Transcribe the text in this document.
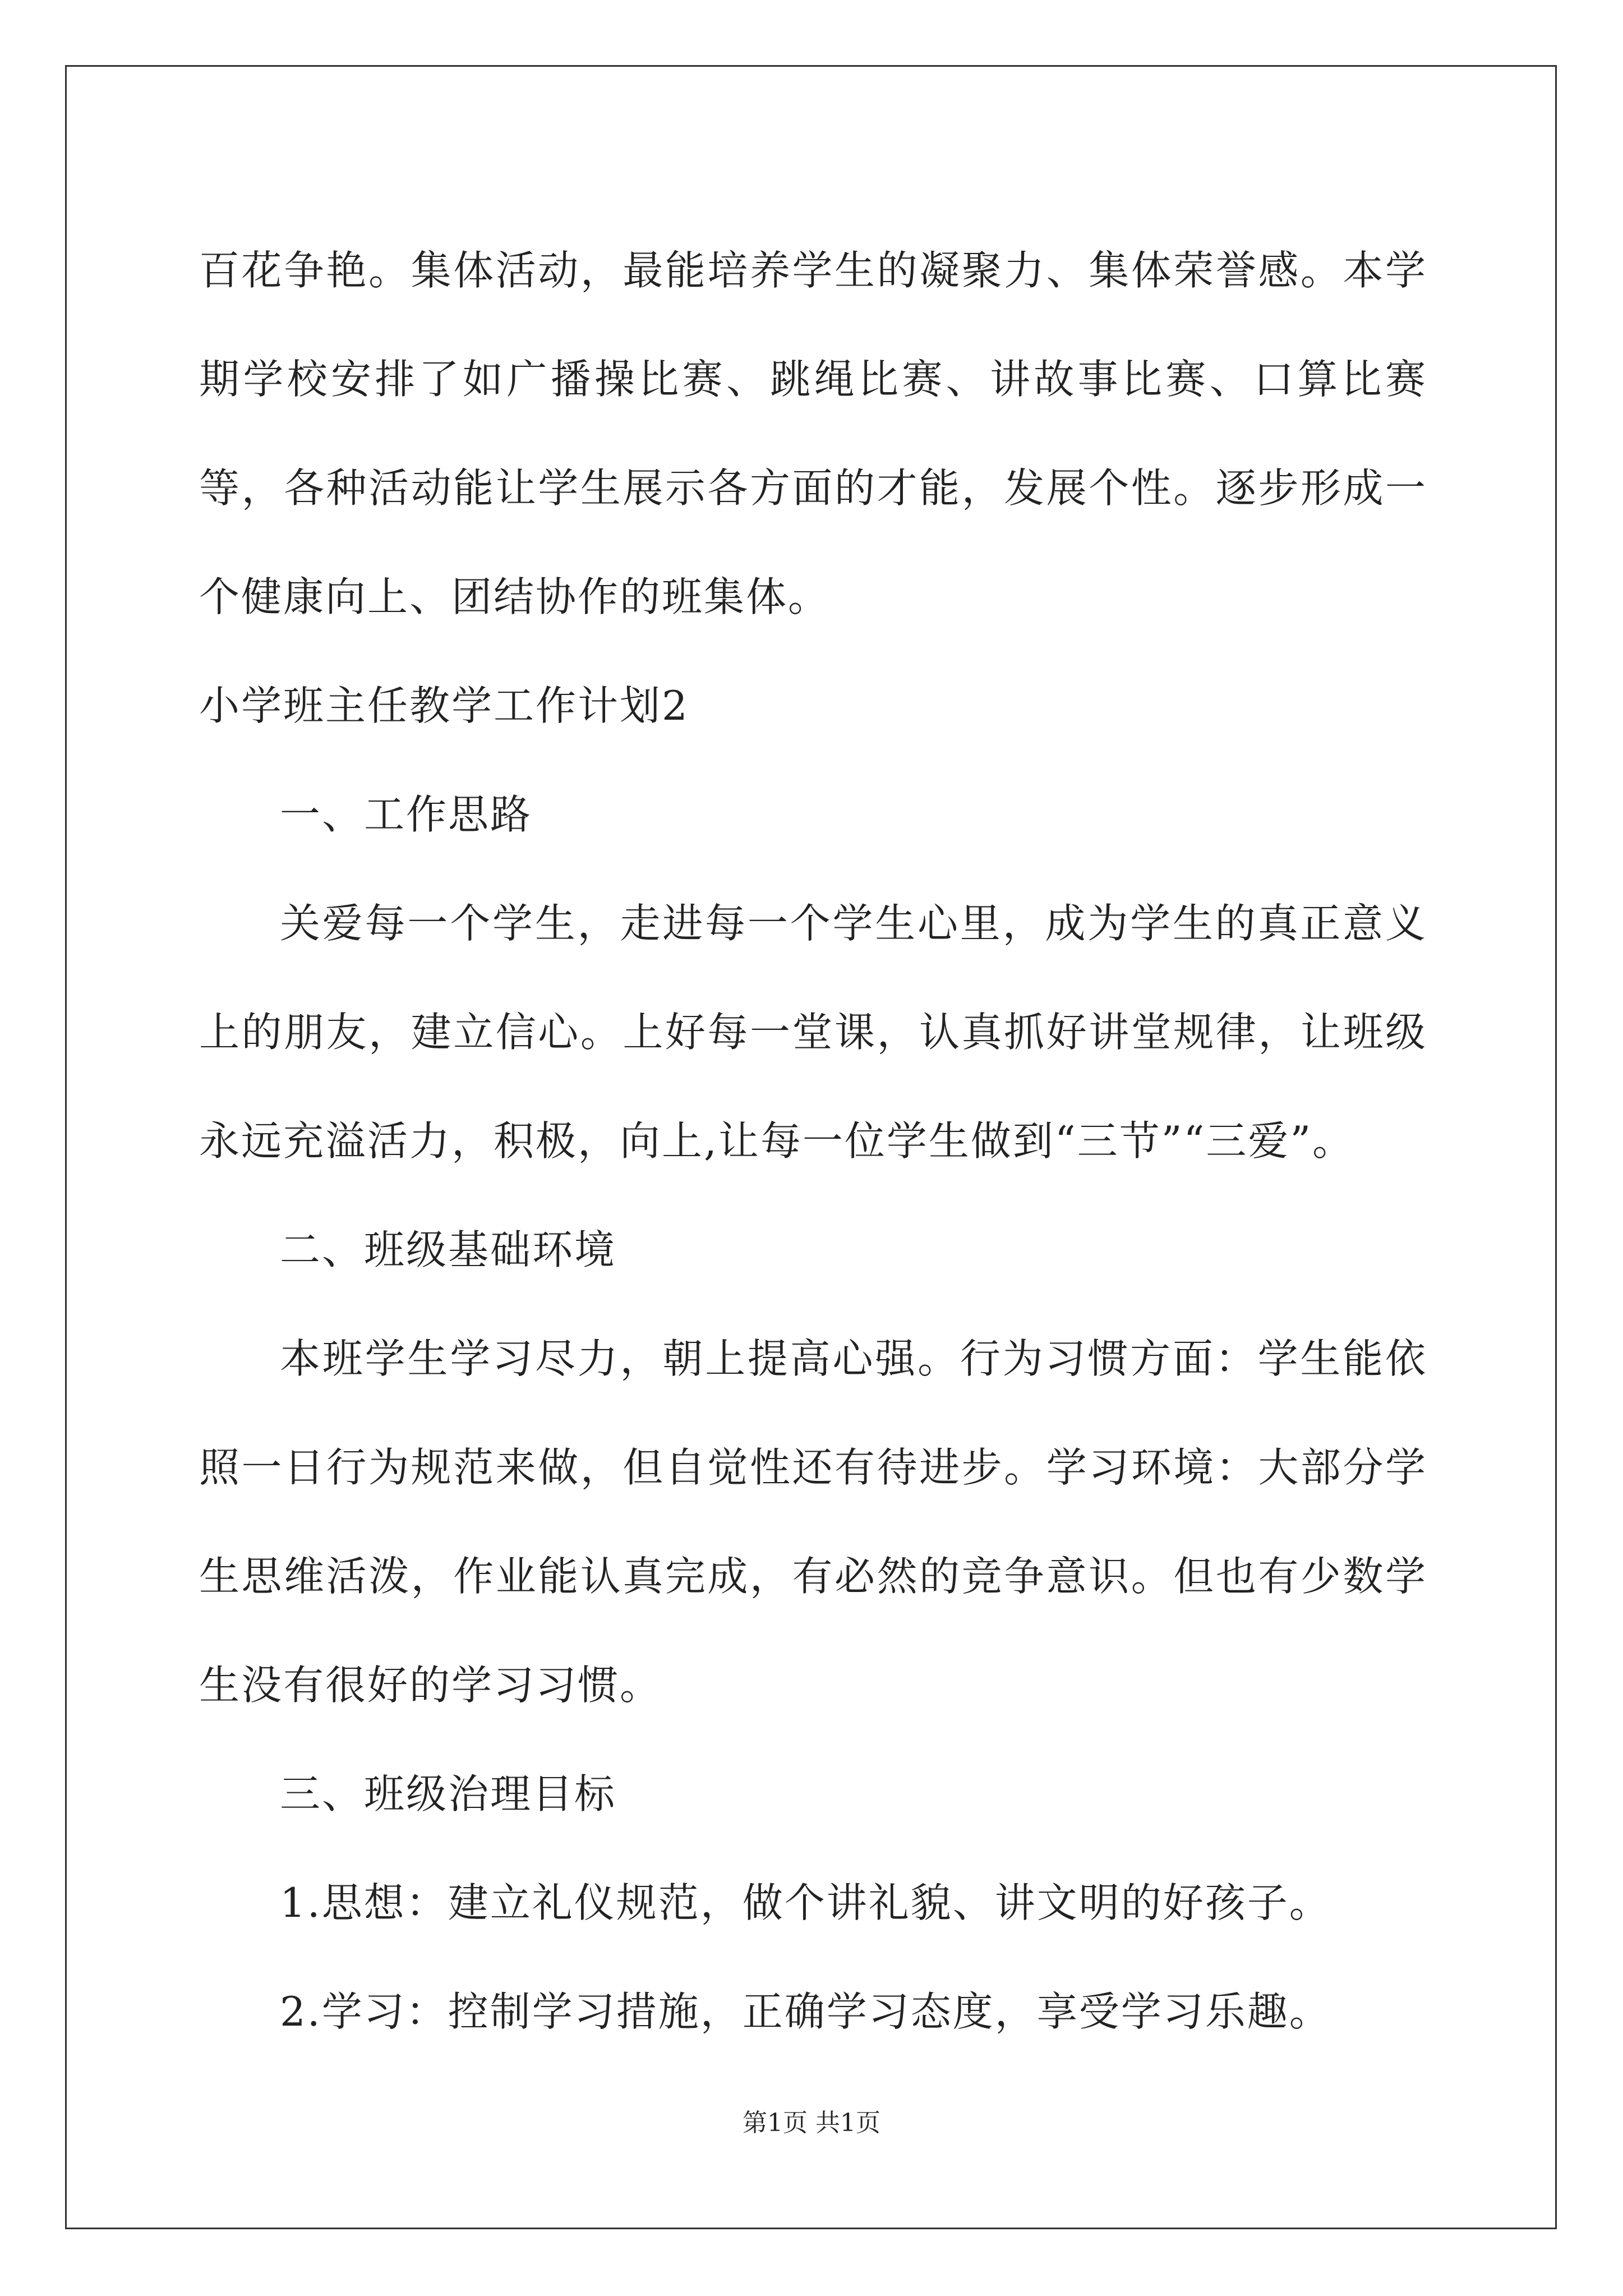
百花争艳。集体活动，最能培养学生的凝聚力、集体荣誉感。本学期学校安排了如广播操比赛、跳绳比赛、讲故事比赛、口算比赛等，各种活动能让学生展示各方面的才能，发展个性。逐步形成一个健康向上、团结协作的班集体。

小学班主任教学工作计划2

一、工作思路

关爱每一个学生，走进每一个学生心里，成为学生的真正意义上的朋友，建立信心。上好每一堂课，认真抓好讲堂规律，让班级永远充溢活力，积极，向上,让每一位学生做到“三节”“三爱”。

二、班级基础环境

本班学生学习尽力，朝上提高心强。行为习惯方面：学生能依照一日行为规范来做，但自觉性还有待进步。学习环境：大部分学生思维活泼，作业能认真完成，有必然的竞争意识。但也有少数学生没有很好的学习习惯。

三、班级治理目标

1.思想：建立礼仪规范，做个讲礼貌、讲文明的好孩子。

2.学习：控制学习措施，正确学习态度，享受学习乐趣。

第1页 共1页
